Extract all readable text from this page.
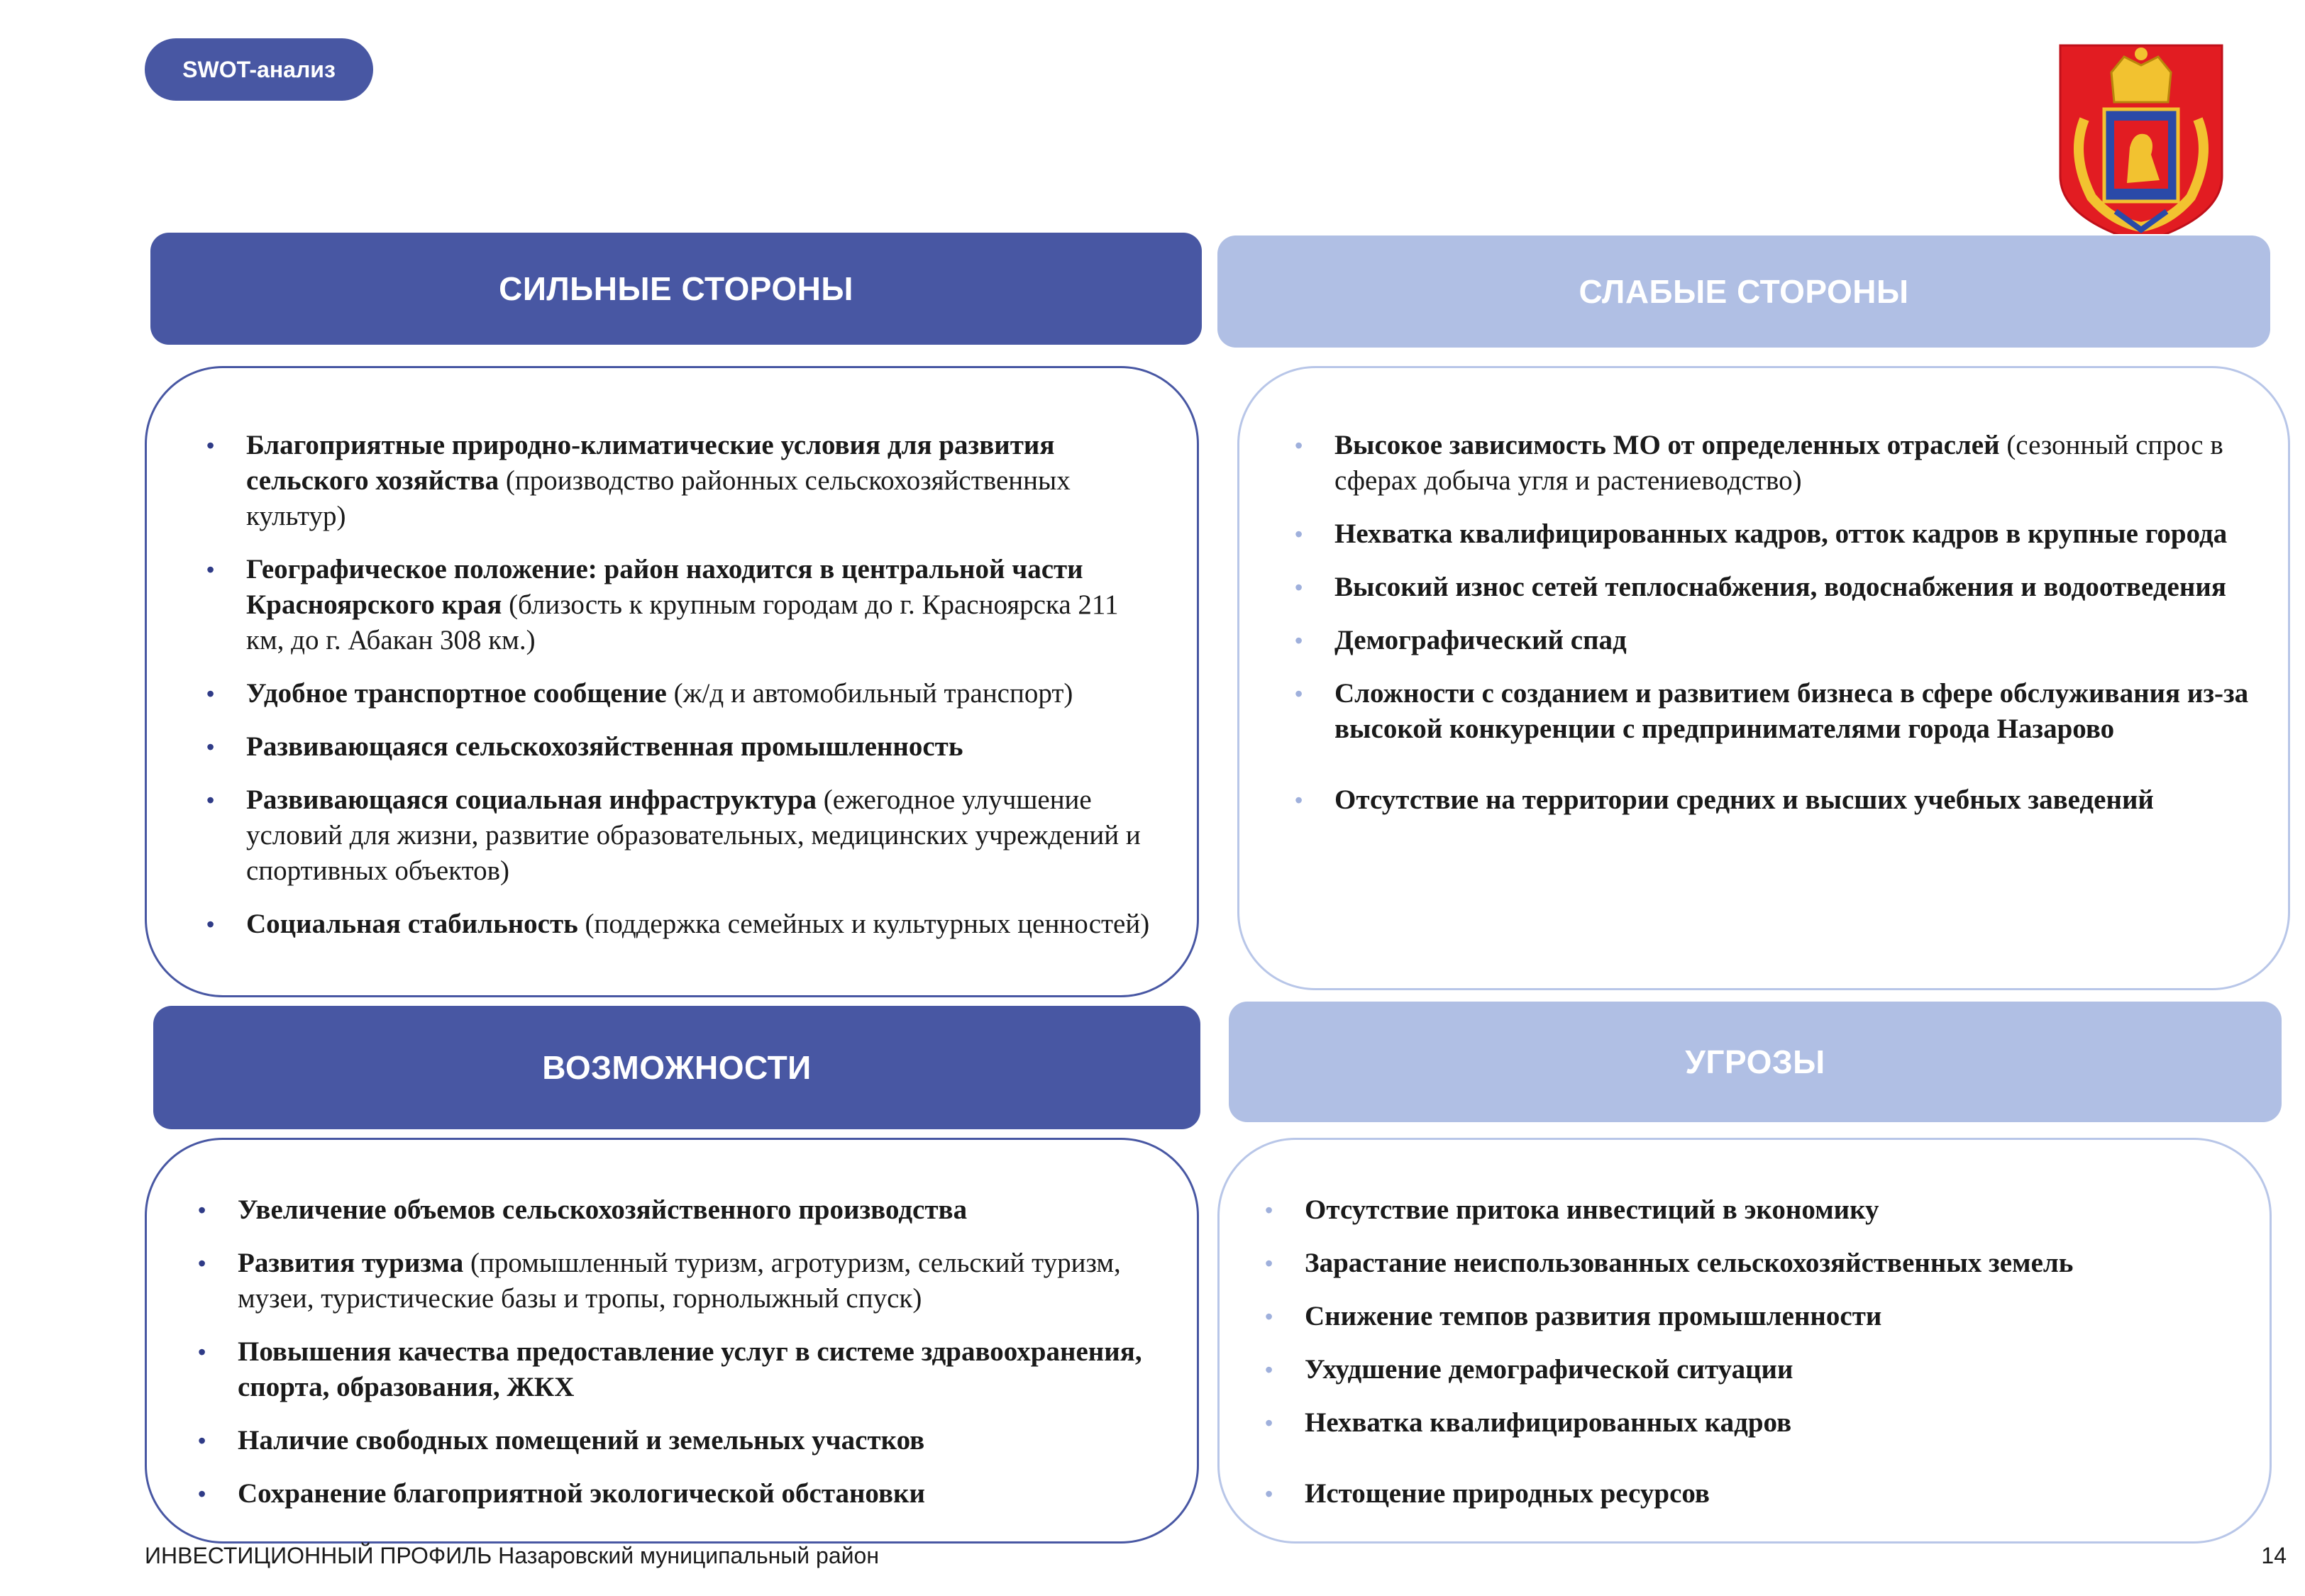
SWOT-анализ
СИЛЬНЫЕ СТОРОНЫ
• Благоприятные природно-климатические условия для развития сельского хозяйства (производство районных сельскохозяйственных культур)
• Географическое положение: район находится в центральной части Красноярского края (близость к крупным городам до г. Красноярска 211 км, до г. Абакан 308 км.)
• Удобное транспортное сообщение (ж/д и автомобильный транспорт)
• Развивающаяся сельскохозяйственная промышленность
• Развивающаяся социальная инфраструктура (ежегодное улучшение условий для жизни, развитие образовательных, медицинских учреждений и спортивных объектов)
• Социальная стабильность (поддержка семейных и культурных ценностей)
СЛАБЫЕ СТОРОНЫ
• Высокое зависимость МО от определенных отраслей (сезонный спрос в сферах добыча угля и растениеводство)
• Нехватка квалифицированных кадров, отток кадров в крупные города
• Высокий износ сетей теплоснабжения, водоснабжения и водоотведения
• Демографический спад
• Сложности с созданием и развитием бизнеса в сфере обслуживания из-за высокой конкуренции с предпринимателями города Назарово
• Отсутствие на территории средних и высших учебных заведений
ВОЗМОЖНОСТИ
• Увеличение объемов сельскохозяйственного производства
• Развития туризма (промышленный туризм, агротуризм, сельский туризм, музеи, туристические базы и тропы, горнолыжный спуск)
• Повышения качества предоставление услуг в системе здравоохранения, спорта, образования, ЖКХ
• Наличие свободных помещений и земельных участков
• Сохранение благоприятной экологической обстановки
УГРОЗЫ
• Отсутствие притока инвестиций в экономику
• Зарастание неиспользованных сельскохозяйственных земель
• Снижение темпов развития промышленности
• Ухудшение демографической ситуации
• Нехватка квалифицированных кадров
• Истощение природных ресурсов
ИНВЕСТИЦИОННЫЙ ПРОФИЛЬ Назаровский муниципальный район	14
